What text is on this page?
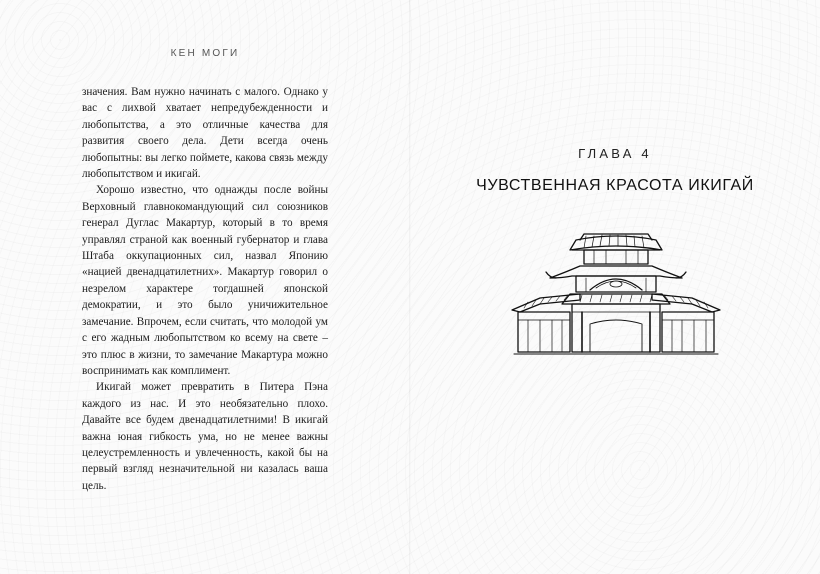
КЕН МОГИ

значения. Вам нужно начинать с малого. Однако у вас с лихвой хватает непредубежденности и любопытства, а это отличные качества для развития своего дела. Дети всегда очень любопытны: вы легко поймете, какова связь между любопытством и икигай.

Хорошо известно, что однажды после войны Верховный главнокомандующий сил союзников генерал Дуглас Макартур, который в то время управлял страной как военный губернатор и глава Штаба оккупационных сил, назвал Японию «нацией двенадцатилетних». Макартур говорил о незрелом характере тогдашней японской демократии, и это было уничижительное замечание. Впрочем, если считать, что молодой ум с его жадным любопытством ко всему на свете – это плюс в жизни, то замечание Макартура можно воспринимать как комплимент.

Икигай может превратить в Питера Пэна каждого из нас. И это необязательно плохо. Давайте все будем двенадцатилетними! В икигай важна юная гибкость ума, но не менее важны целеустремленность и увлеченность, какой бы на первый взгляд незначительной ни казалась ваша цель.

ГЛАВА 4
ЧУВСТВЕННАЯ КРАСОТА ИКИГАЙ
